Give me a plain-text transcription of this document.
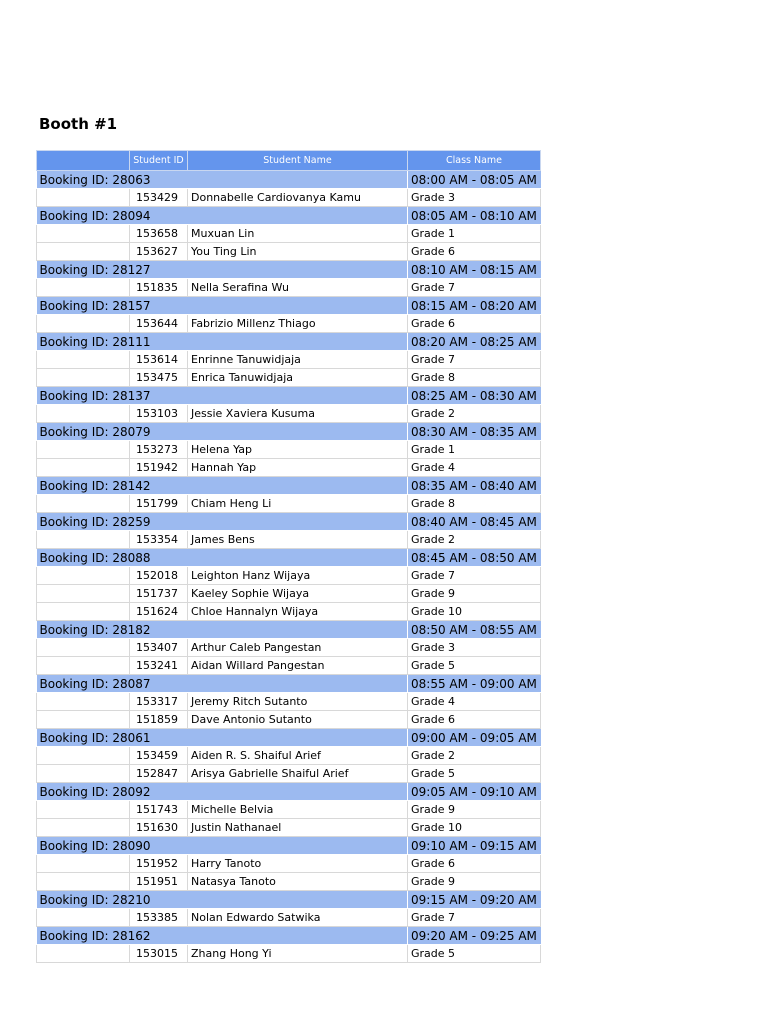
Booth #1
	Student ID	Student Name	Class Name
Booking ID: 28063			08:00 AM - 08:05 AM
	153429	Donnabelle Cardiovanya Kamu	Grade 3
Booking ID: 28094			08:05 AM - 08:10 AM
	153658	Muxuan Lin	Grade 1
	153627	You Ting Lin	Grade 6
Booking ID: 28127			08:10 AM - 08:15 AM
	151835	Nella Serafina Wu	Grade 7
Booking ID: 28157			08:15 AM - 08:20 AM
	153644	Fabrizio Millenz Thiago	Grade 6
Booking ID: 28111			08:20 AM - 08:25 AM
	153614	Enrinne Tanuwidjaja	Grade 7
	153475	Enrica Tanuwidjaja	Grade 8
Booking ID: 28137			08:25 AM - 08:30 AM
	153103	Jessie Xaviera Kusuma	Grade 2
Booking ID: 28079			08:30 AM - 08:35 AM
	153273	Helena Yap	Grade 1
	151942	Hannah Yap	Grade 4
Booking ID: 28142			08:35 AM - 08:40 AM
	151799	Chiam Heng Li	Grade 8
Booking ID: 28259			08:40 AM - 08:45 AM
	153354	James Bens	Grade 2
Booking ID: 28088			08:45 AM - 08:50 AM
	152018	Leighton Hanz Wijaya	Grade 7
	151737	Kaeley Sophie Wijaya	Grade 9
	151624	Chloe Hannalyn Wijaya	Grade 10
Booking ID: 28182			08:50 AM - 08:55 AM
	153407	Arthur Caleb Pangestan	Grade 3
	153241	Aidan Willard Pangestan	Grade 5
Booking ID: 28087			08:55 AM - 09:00 AM
	153317	Jeremy Ritch Sutanto	Grade 4
	151859	Dave Antonio Sutanto	Grade 6
Booking ID: 28061			09:00 AM - 09:05 AM
	153459	Aiden R. S. Shaiful Arief	Grade 2
	152847	Arisya Gabrielle Shaiful Arief	Grade 5
Booking ID: 28092			09:05 AM - 09:10 AM
	151743	Michelle Belvia	Grade 9
	151630	Justin Nathanael	Grade 10
Booking ID: 28090			09:10 AM - 09:15 AM
	151952	Harry Tanoto	Grade 6
	151951	Natasya Tanoto	Grade 9
Booking ID: 28210			09:15 AM - 09:20 AM
	153385	Nolan Edwardo Satwika	Grade 7
Booking ID: 28162			09:20 AM - 09:25 AM
	153015	Zhang Hong Yi	Grade 5
